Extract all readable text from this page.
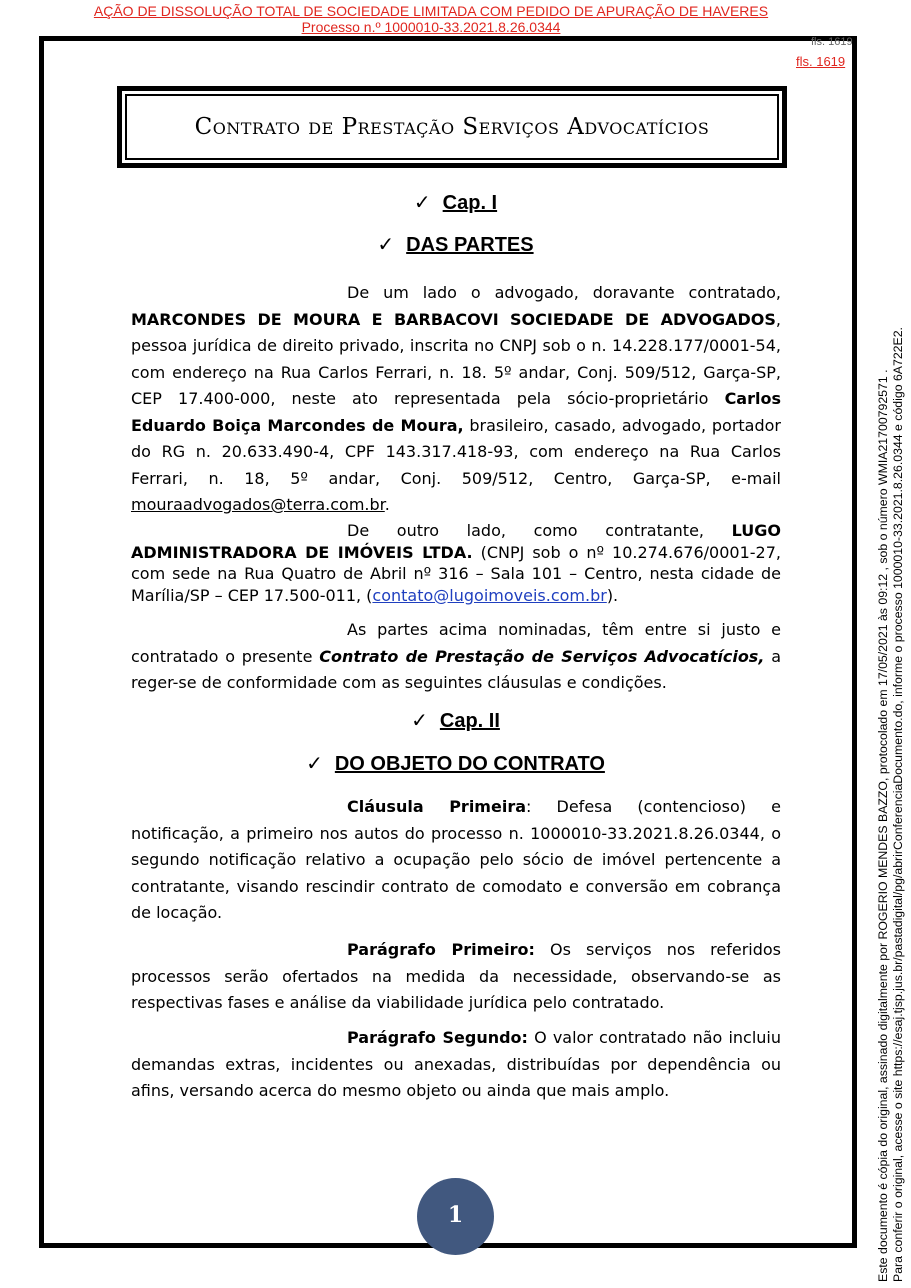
AÇÃO DE DISSOLUÇÃO TOTAL DE SOCIEDADE LIMITADA COM PEDIDO DE APURAÇÃO DE HAVERES
Processo n.º 1000010-33.2021.8.26.0344
fls. 1619
fls. 1619
Contrato de Prestação Serviços Advocatícios
✓ Cap. I
✓ DAS PARTES
De um lado o advogado, doravante contratado, MARCONDES DE MOURA E BARBACOVI SOCIEDADE DE ADVOGADOS, pessoa jurídica de direito privado, inscrita no CNPJ sob o n. 14.228.177/0001-54, com endereço na Rua Carlos Ferrari, n. 18. 5º andar, Conj. 509/512, Garça-SP, CEP 17.400-000, neste ato representada pela sócio-proprietário Carlos Eduardo Boiça Marcondes de Moura, brasileiro, casado, advogado, portador do RG n. 20.633.490-4, CPF 143.317.418-93, com endereço na Rua Carlos Ferrari, n. 18, 5º andar, Conj. 509/512, Centro, Garça-SP, e-mail mouraadvogados@terra.com.br.
De outro lado, como contratante, LUGO ADMINISTRADORA DE IMÓVEIS LTDA. (CNPJ sob o nº 10.274.676/0001-27, com sede na Rua Quatro de Abril nº 316 – Sala 101 – Centro, nesta cidade de Marília/SP – CEP 17.500-011, (contato@lugoimoveis.com.br).
As partes acima nominadas, têm entre si justo e contratado o presente Contrato de Prestação de Serviços Advocatícios, a reger-se de conformidade com as seguintes cláusulas e condições.
✓ Cap. II
✓ DO OBJETO DO CONTRATO
Cláusula Primeira: Defesa (contencioso) e notificação, a primeiro nos autos do processo n. 1000010-33.2021.8.26.0344, o segundo notificação relativo a ocupação pelo sócio de imóvel pertencente a contratante, visando rescindir contrato de comodato e conversão em cobrança de locação.
Parágrafo Primeiro: Os serviços nos referidos processos serão ofertados na medida da necessidade, observando-se as respectivas fases e análise da viabilidade jurídica pelo contratado.
Parágrafo Segundo: O valor contratado não incluiu demandas extras, incidentes ou anexadas, distribuídas por dependência ou afins, versando acerca do mesmo objeto ou ainda que mais amplo.
1	Este documento é cópia do original, assinado digitalmente por ROGERIO MENDES BAZZO, protocolado em 17/05/2021 às 09:12 , sob o número WMIA21700792571 . Para conferir o original, acesse o site https://esaj.tjsp.jus.br/pastadigital/pg/abrirConferenciaDocumento.do, informe o processo 1000010-33.2021.8.26.0344 e código 6A722E2.
